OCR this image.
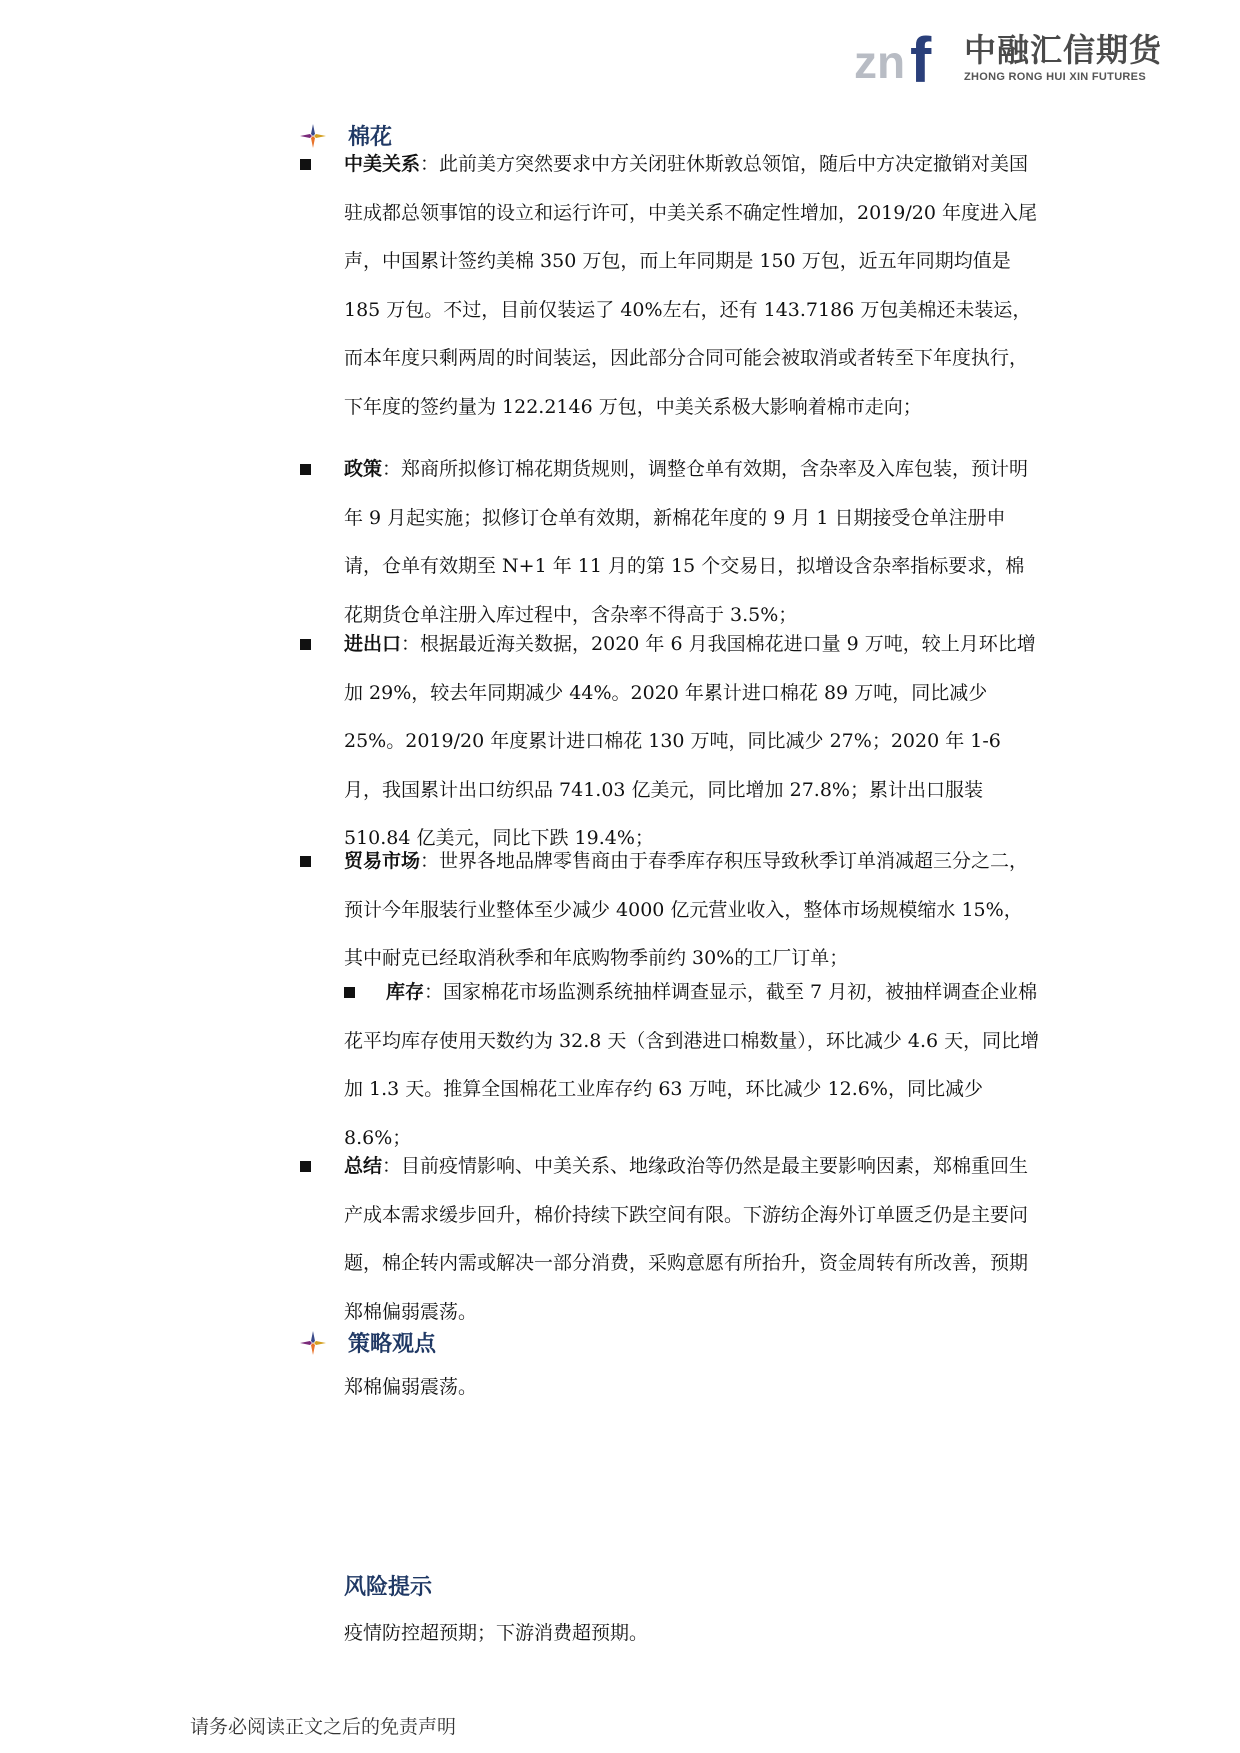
zn f 中融汇信期货
ZHONG RONG HUI XIN FUTURES
棉花
中美关系：此前美方突然要求中方关闭驻休斯敦总领馆，随后中方决定撤销对美国驻成都总领事馆的设立和运行许可，中美关系不确定性增加，2019/20 年度进入尾声，中国累计签约美棉 350 万包，而上年同期是 150 万包，近五年同期均值是 185 万包。不过，目前仅装运了 40%左右，还有 143.7186 万包美棉还未装运，而本年度只剩两周的时间装运，因此部分合同可能会被取消或者转至下年度执行，下年度的签约量为 122.2146 万包，中美关系极大影响着棉市走向；
政策：郑商所拟修订棉花期货规则，调整仓单有效期，含杂率及入库包装，预计明年 9 月起实施；拟修订仓单有效期，新棉花年度的 9 月 1 日期接受仓单注册申请，仓单有效期至 N+1 年 11 月的第 15 个交易日，拟增设含杂率指标要求，棉花期货仓单注册入库过程中，含杂率不得高于 3.5%；
进出口：根据最近海关数据，2020 年 6 月我国棉花进口量 9 万吨，较上月环比增加 29%，较去年同期减少 44%。2020 年累计进口棉花 89 万吨，同比减少 25%。2019/20 年度累计进口棉花 130 万吨，同比减少 27%；2020 年 1-6 月，我国累计出口纺织品 741.03 亿美元，同比增加 27.8%；累计出口服装 510.84 亿美元，同比下跌 19.4%；
贸易市场：世界各地品牌零售商由于春季库存积压导致秋季订单消减超三分之二，预计今年服装行业整体至少减少 4000 亿元营业收入，整体市场规模缩水 15%，其中耐克已经取消秋季和年底购物季前约 30%的工厂订单；
库存：国家棉花市场监测系统抽样调查显示，截至 7 月初，被抽样调查企业棉花平均库存使用天数约为 32.8 天（含到港进口棉数量），环比减少 4.6 天，同比增加 1.3 天。推算全国棉花工业库存约 63 万吨，环比减少 12.6%，同比减少 8.6%；
总结：目前疫情影响、中美关系、地缘政治等仍然是最主要影响因素，郑棉重回生产成本需求缓步回升，棉价持续下跌空间有限。下游纺企海外订单匮乏仍是主要问题，棉企转内需或解决一部分消费，采购意愿有所抬升，资金周转有所改善，预期郑棉偏弱震荡。
策略观点
郑棉偏弱震荡。
风险提示
疫情防控超预期；下游消费超预期。
请务必阅读正文之后的免责声明
